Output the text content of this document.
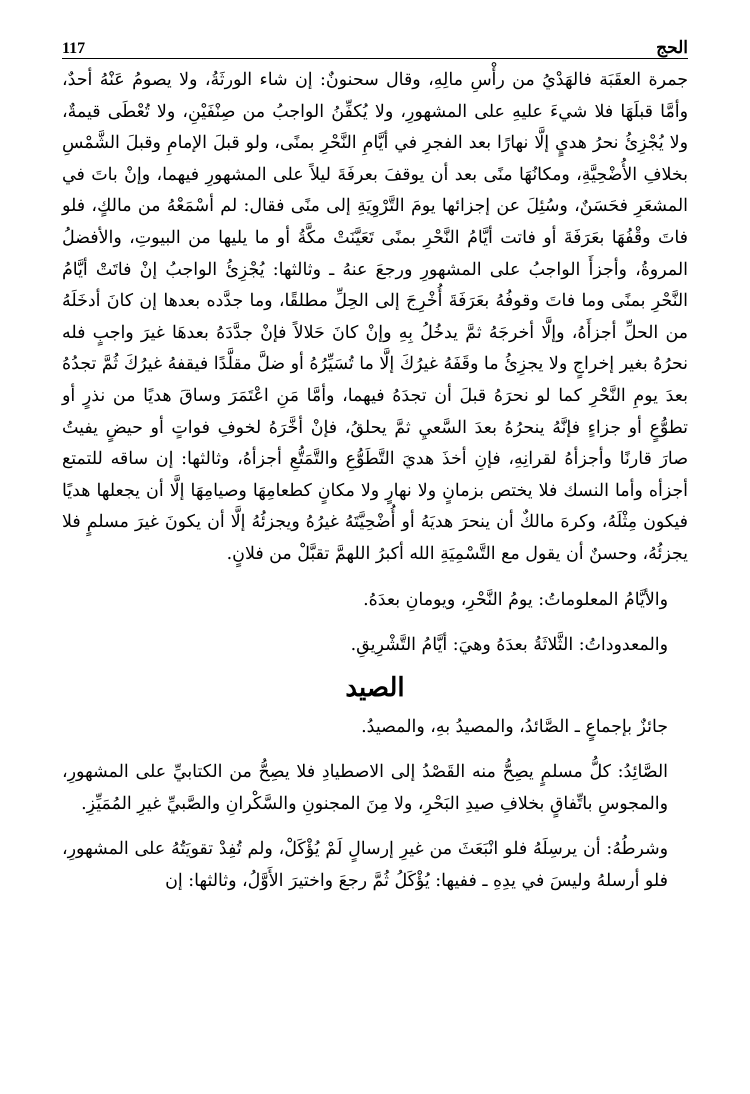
الحج
117

جمرة العقَبَة فالهَدْيُ من رأْسِ مالِهِ، وقال سحنونٌ: إن شاء الورثَةُ، ولا يصومُ عَنْهُ أحدٌ، وأمَّا قبلَهَا فلا شيءَ عليهِ على المشهورِ، ولا يُكفِّنُ الواجبُ من صِنْفَيْنِ، ولا تُعْطَى قيمةٌ، ولا يُجْزِئُ نحرُ هديٍ إلَّا نهارًا بعد الفجرِ في أيَّامِ النَّحْرِ بمنًى، ولو قبلَ الإمامِ وقبلَ الشَّمْسِ بخلافِ الأُضْحِيَّةِ، ومكانُهَا منًى بعد أن يوقفَ بعرفَةَ ليلاً على المشهورِ فيهما، وإنْ باتَ في المشعَرِ فحَسَنٌ، وسُئِلَ عن إجزائها يومَ التَّرْوِيَةِ إلى منًى فقال: لم أسْمَعْهُ من مالكٍ، فلو فاتَ وقْفُهَا بعَرَفَةَ أو فاتت أيَّامُ النَّحْرِ بمنًى تَعَيَّنَتْ مكَّةُ أو ما يليها من البيوتِ، والأفضلُ المروةُ، وأجزأَ الواجبُ على المشهورِ ورجعَ عنهُ ـ وثالثها: يُجْزِئُ الواجبُ إنْ فاتَتْ أيَّامُ النَّحْرِ بمنًى وما فاتَ وقوفُهُ بعَرَفَةَ أُخْرِجَ إلى الحِلِّ مطلقًا، وما جدَّده بعدها إن كانَ أدخَلَهُ من الحلِّ أجزأَهُ، وإلَّا أخرجَهُ ثمَّ يدخُلُ بِهِ وإنْ كانَ حَلالاً فإنْ جدَّدَهُ بعدهَا غيرَ واجبٍ فله نحرُهُ بغير إخراجٍ ولا يجزِئُ ما وقَفَهُ غيرُكَ إلَّا ما تُسَيِّرُهُ أو ضلَّ مقلَّدًا فيقفهُ غيرُكَ ثُمَّ تجدُهُ بعدَ يومِ النَّحْرِ كما لو نحرَهُ قبلَ أن تجدَهُ فيهما، وأمَّا مَنِ اعْتَمَرَ وساقَ هديًا من نذرٍ أو تطوُّعٍ أو جزاءٍ فإنَّهُ ينحرُهُ بعدَ السَّعيِ ثمَّ يحلقُ، فإنْ أخَّرَهُ لخوفِ فواتٍ أو حيضٍ يفيتُ صارَ قارنًا وأجزأهُ لقرانِهِ، فإنِ أخذَ هديَ التَّطَوُّعِ والتَّمَتُّعِ أجزأهُ، وثالثها: إن ساقه للتمتع أجزأه وأما النسك فلا يختص بزمانٍ ولا نهارٍ ولا مكانٍ كطعامِهَا وصيامِهَا إلَّا أن يجعلها هديًا فيكون مِثْلَهُ، وكرهَ مالكٌ أن ينحرَ هديَهُ أو أُضْحِيَّتَهُ غيرُهُ ويجزئُهُ إلَّا أن يكونَ غيرَ مسلمٍ فلا يجزئُهُ، وحسنٌ أن يقول مع التَّسْمِيَةِ الله أكبرُ اللهمَّ تقبَّلْ من فلانٍ.

والأيَّامُ المعلوماتُ: يومُ النَّحْرِ، ويومانِ بعدَهُ.

والمعدوداتُ: الثَّلاثَةُ بعدَهُ وهيَ: أيَّامُ التَّشْرِيقِ.

الصيد

جائزٌ بإجماعٍ ـ الصَّائدُ، والمصيدُ بهِ، والمصيدُ.

الصَّائِدُ: كلُّ مسلمٍ يصِحُّ منه القَصْدُ إلى الاصطيادِ فلا يصِحُّ من الكتابيِّ على المشهورِ، والمجوسِ باتِّفاقٍ بخلافِ صيدِ البَحْرِ، ولا مِنَ المجنونِ والسَّكْرانِ والصَّبيِّ غيرِ المُمَيِّزِ.

وشرطُهُ: أن يرسِلَهُ فلو انْبَعَثَ من غيرِ إرسالٍ لَمْ يُؤْكَلْ، ولم تُفِدْ تقويَتُهُ على المشهورِ، فلو أرسلهُ وليسَ في يدِهِ ـ ففيها: يُؤْكَلُ ثُمَّ رجعَ واختيرَ الأَوَّلُ، وثالثها: إن
